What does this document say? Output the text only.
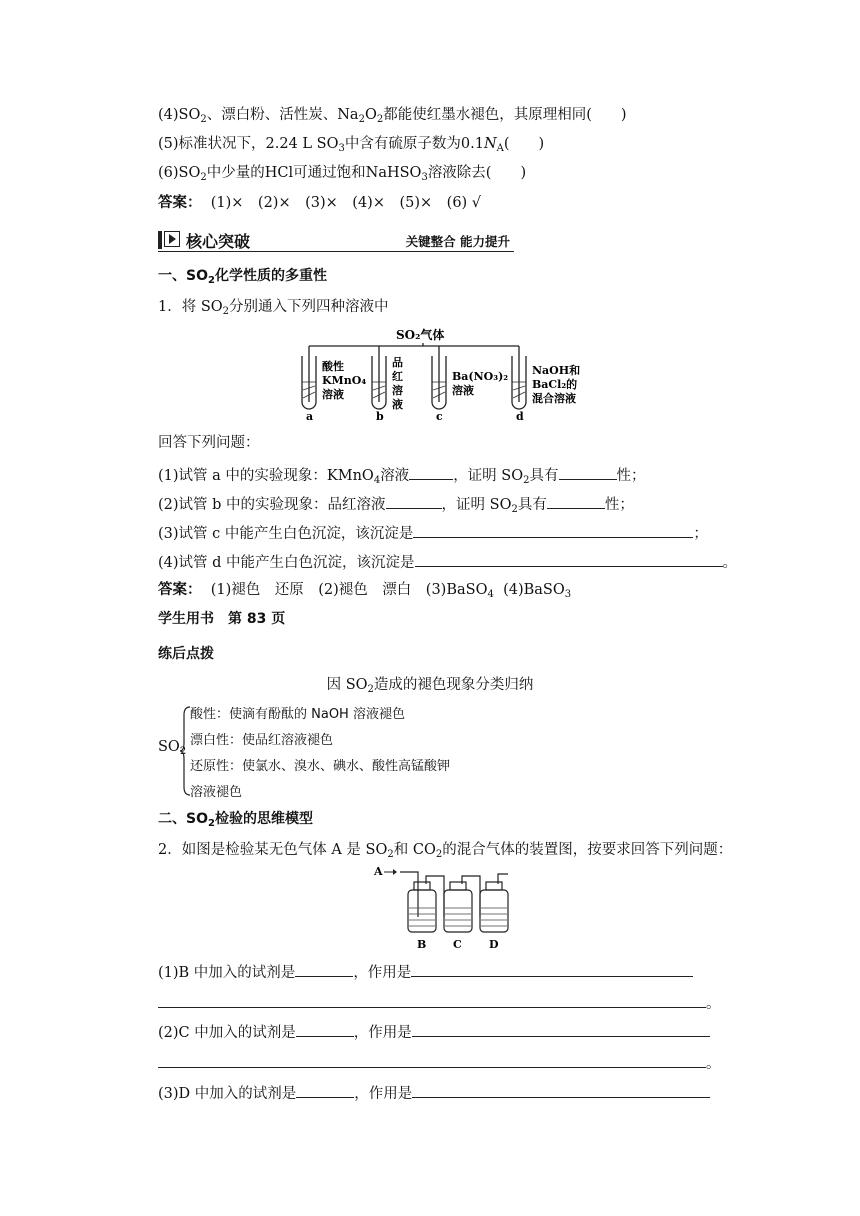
$(4)SO_2$、漂白粉、活性炭、$Na_2O_2$都能使红墨水褪色，其原理相同(　　)
(5)标准状况下，2.24 L $SO_3$中含有硫原子数为$0.1N_A$(　　)
$(6)SO_2$中少量的HCl可通过饱和NaHSO$_3$溶液除去(　　)
答案： (1)×　(2)×　(3)×　(4)×　(5)×　(6) √
核心突破	关键整合 能力提升
一、$SO_2$化学性质的多重性
1．将 $SO_2$分别通入下列四种溶液中
SO₂气体
酸性
KMnO₄
溶液
品
红
溶
液
Ba(NO₃)₂
溶液
NaOH和
BaCl₂的
混合溶液
a	b	c	d
回答下列问题：
(1)试管 a 中的实验现象：KMnO$_4$溶液	，证明 $SO_2$具有	性；
(2)试管 b 中的实验现象：品红溶液	，证明 $SO_2$具有	性；
(3)试管 c 中能产生白色沉淀，该沉淀是	；
(4)试管 d 中能产生白色沉淀，该沉淀是	。
答案： (1)褪色　还原　(2)褪色　漂白　(3)BaSO$_4$ (4)BaSO$_3$
学生用书　第 83 页
练后点拨
因 $SO_2$造成的褪色现象分类归纳
$SO_2$
酸性：使滴有酚酞的 NaOH 溶液褪色
漂白性：使品红溶液褪色
还原性：使氯水、溴水、碘水、酸性高锰酸钾
溶液褪色
二、$SO_2$检验的思维模型
2．如图是检验某无色气体 A 是 $SO_2$和 $CO_2$的混合气体的装置图，按要求回答下列问题：
A
B C D
(1)B 中加入的试剂是	，作用是
。
(2)C 中加入的试剂是	，作用是
。
(3)D 中加入的试剂是	，作用是
